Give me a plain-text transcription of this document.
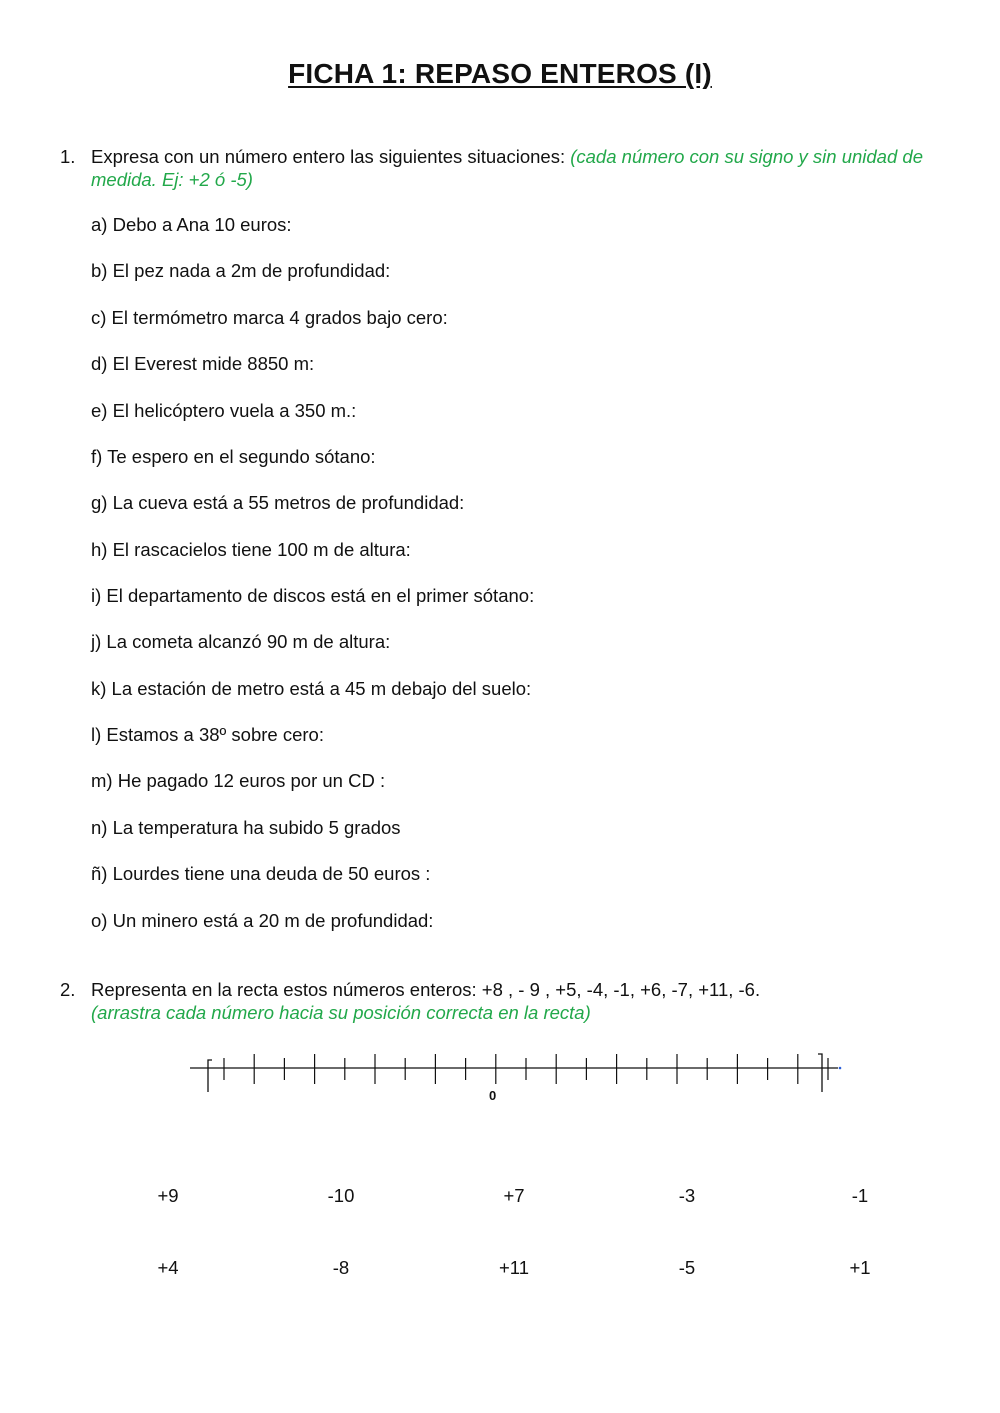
FICHA 1: REPASO ENTEROS (I)
1. Expresa con un número entero las siguientes situaciones: (cada número con su signo y sin unidad de medida. Ej: +2 ó -5)
a) Debo a Ana 10 euros:
b) El pez nada a 2m de profundidad:
c) El termómetro marca 4 grados bajo cero:
d) El Everest mide 8850 m:
e) El helicóptero vuela a 350 m.:
f) Te espero en el segundo sótano:
g) La cueva está a 55 metros de profundidad:
h) El rascacielos tiene 100 m de altura:
i) El departamento de discos está en el primer sótano:
j) La cometa alcanzó 90 m de altura:
k) La estación de metro está a 45 m debajo del suelo:
l) Estamos a 38º sobre cero:
m) He pagado 12 euros por un CD :
n) La temperatura ha subido 5 grados
ñ) Lourdes tiene una deuda de 50 euros :
o) Un minero está a 20 m de profundidad:
2. Representa en la recta estos números enteros: +8 , - 9 , +5, -4, -1, +6, -7, +11, -6.
(arrastra cada número hacia su posición correcta en la recta)
0
+9	-10	+7	-3	-1
+4	-8	+11	-5	+1
